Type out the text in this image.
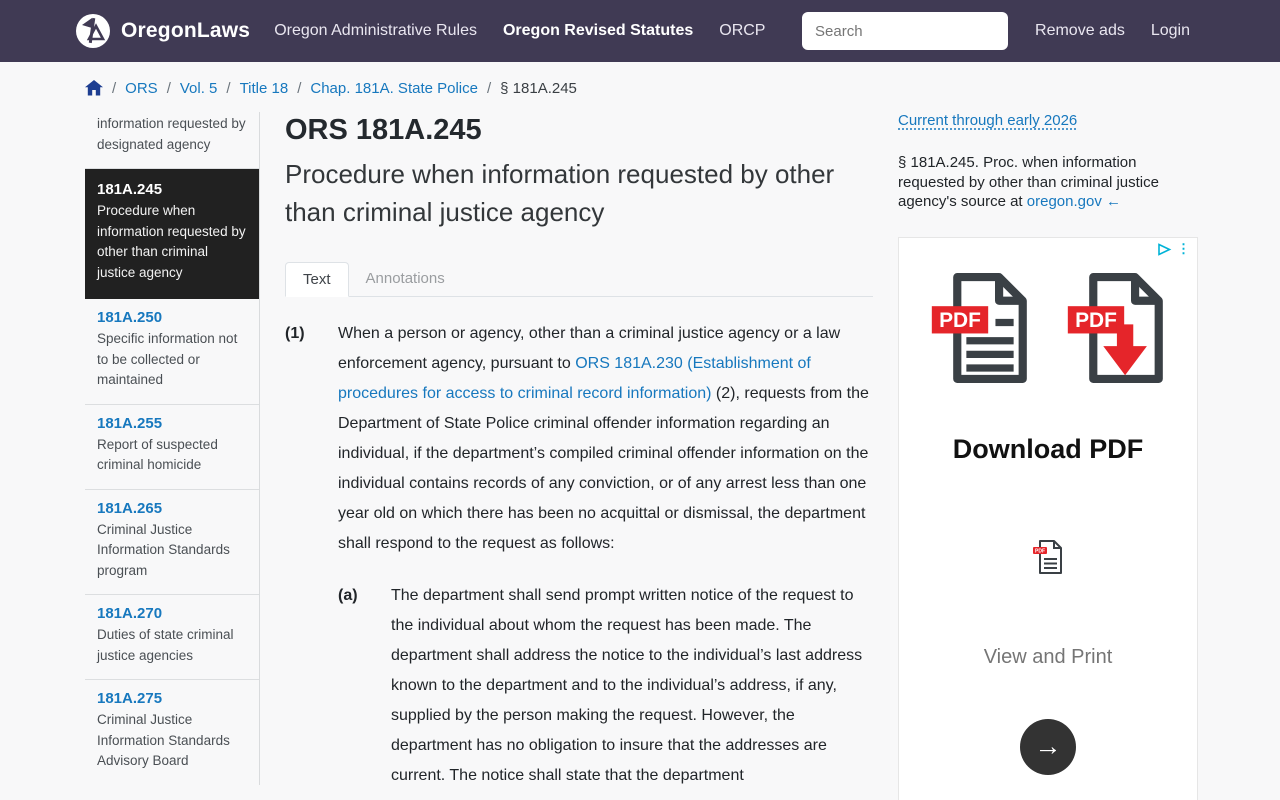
OregonLaws Oregon Administrative Rules Oregon Revised Statutes ORCP
Search	Remove ads Login
/ ORS / Vol. 5 / Title 18 / Chap. 181A. State Police / § 181A.245
information requested by designated agency
181A.245
Procedure when information requested by other than criminal justice agency
181A.250
Specific information not to be collected or maintained
181A.255
Report of suspected criminal homicide
181A.265
Criminal Justice Information Standards program
181A.270
Duties of state criminal justice agencies
181A.275
Criminal Justice Information Standards Advisory Board
ORS 181A.245
Procedure when information requested by other than criminal justice agency
Text	Annotations
(1)	When a person or agency, other than a criminal justice agency or a law enforcement agency, pursuant to ORS 181A.230 (Establishment of procedures for access to criminal record information) (2), requests from the Department of State Police criminal offender information regarding an individual, if the department’s compiled criminal offender information on the individual contains records of any conviction, or of any arrest less than one year old on which there has been no acquittal or dismissal, the department shall respond to the request as follows:
(a)	The department shall send prompt written notice of the request to the individual about whom the request has been made. The department shall address the notice to the individual’s last address known to the department and to the individual’s address, if any, supplied by the person making the request. However, the department has no obligation to insure that the addresses are current. The notice shall state that the department
Current through early 2026

§ 181A.245. Proc. when information requested by other than criminal justice agency's source at oregon.gov ←

⋮
PDF	PDF
Download PDF
PDF
View and Print
→
